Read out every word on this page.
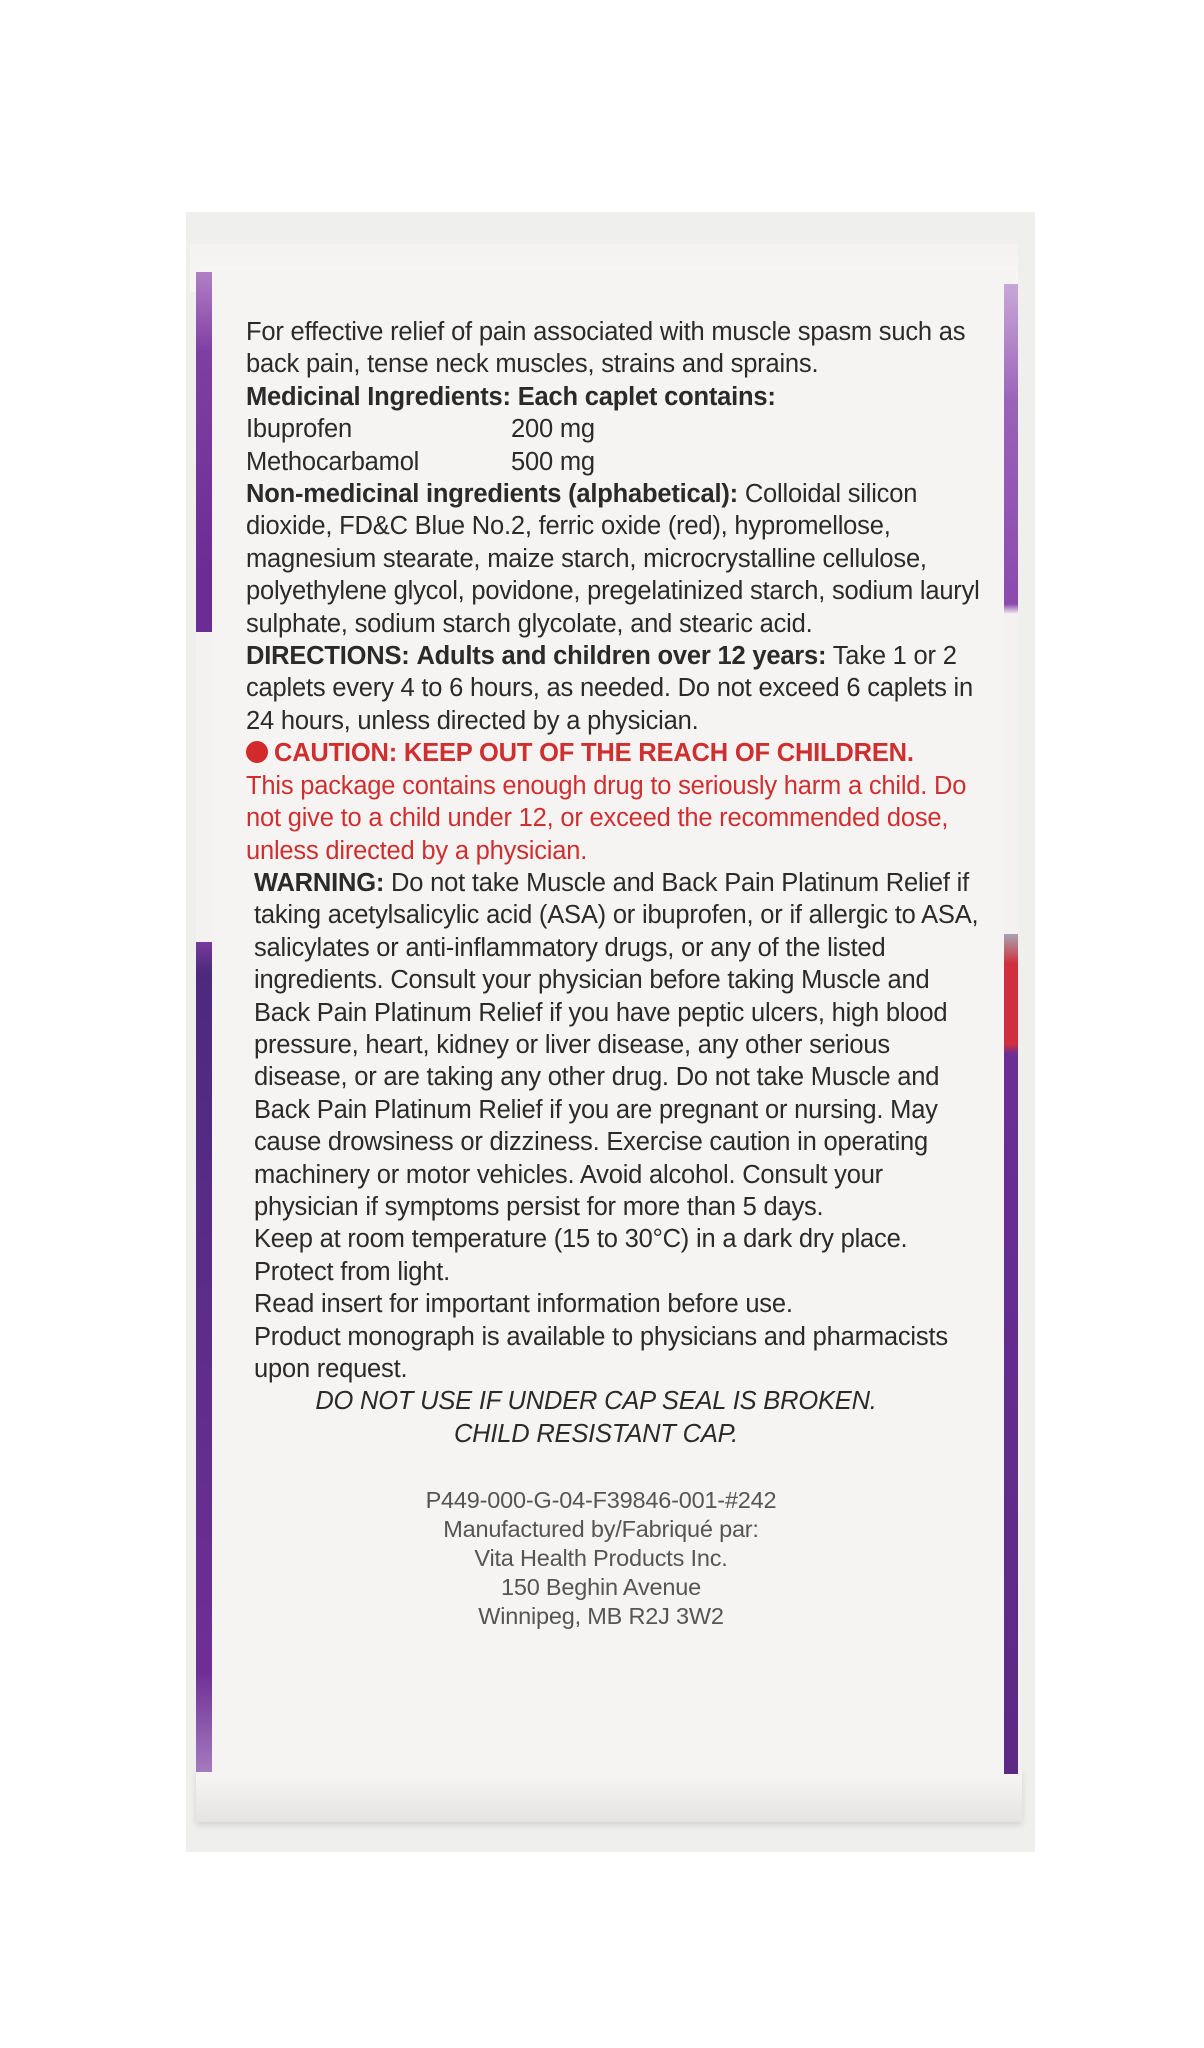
For effective relief of pain associated with muscle spasm such as back pain, tense neck muscles, strains and sprains.

Medicinal Ingredients: Each caplet contains:

Ibuprofen	200 mg
Methocarbamol	500 mg

Non-medicinal ingredients (alphabetical): Colloidal silicon dioxide, FD&C Blue No.2, ferric oxide (red), hypromellose, magnesium stearate, maize starch, microcrystalline cellulose, polyethylene glycol, povidone, pregelatinized starch, sodium lauryl sulphate, sodium starch glycolate, and stearic acid.

DIRECTIONS: Adults and children over 12 years: Take 1 or 2 caplets every 4 to 6 hours, as needed. Do not exceed 6 caplets in 24 hours, unless directed by a physician.

CAUTION: KEEP OUT OF THE REACH OF CHILDREN.

This package contains enough drug to seriously harm a child. Do not give to a child under 12, or exceed the recommended dose, unless directed by a physician.

WARNING: Do not take Muscle and Back Pain Platinum Relief if taking acetylsalicylic acid (ASA) or ibuprofen, or if allergic to ASA, salicylates or anti-inflammatory drugs, or any of the listed ingredients. Consult your physician before taking Muscle and Back Pain Platinum Relief if you have peptic ulcers, high blood pressure, heart, kidney or liver disease, any other serious disease, or are taking any other drug. Do not take Muscle and Back Pain Platinum Relief if you are pregnant or nursing. May cause drowsiness or dizziness. Exercise caution in operating machinery or motor vehicles. Avoid alcohol. Consult your physician if symptoms persist for more than 5 days.

Keep at room temperature (15 to 30°C) in a dark dry place. Protect from light.

Read insert for important information before use.

Product monograph is available to physicians and pharmacists upon request.

DO NOT USE IF UNDER CAP SEAL IS BROKEN.

CHILD RESISTANT CAP.

P449-000-G-04-F39846-001-#242
Manufactured by/Fabriqué par:
Vita Health Products Inc.
150 Beghin Avenue
Winnipeg, MB R2J 3W2
